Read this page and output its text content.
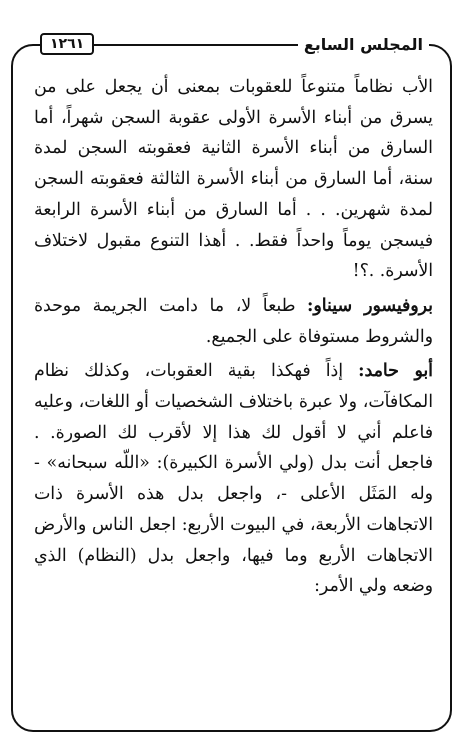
المجلس السابع
١٢٦١

الأب نظاماً متنوعاً للعقوبات بمعنى أن يجعل على من يسرق من أبناء الأسرة الأولى عقوبة السجن شهراً، أما السارق من أبناء الأسرة الثانية فعقوبته السجن لمدة سنة، أما السارق من أبناء الأسرة الثالثة فعقوبته السجن لمدة شهرين. . . أما السارق من أبناء الأسرة الرابعة فيسجن يوماً واحداً فقط. . أهذا التنوع مقبول لاختلاف الأسرة. .؟!

بروفيسور سيناو: طبعاً لا، ما دامت الجريمة موحدة والشروط مستوفاة على الجميع.

أبو حامد: إذاً فهكذا بقية العقوبات، وكذلك نظام المكافآت، ولا عبرة باختلاف الشخصيات أو اللغات، وعليه فاعلم أني لا أقول لك هذا إلا لأقرب لك الصورة. . فاجعل أنت بدل (ولي الأسرة الكبيرة): «اللّه سبحانه» - وله المَثَل الأعلى -، واجعل بدل هذه الأسرة ذات الاتجاهات الأربعة، في البيوت الأربع: اجعل الناس والأرض الاتجاهات الأربع وما فيها، واجعل بدل (النظام) الذي وضعه ولي الأمر:
